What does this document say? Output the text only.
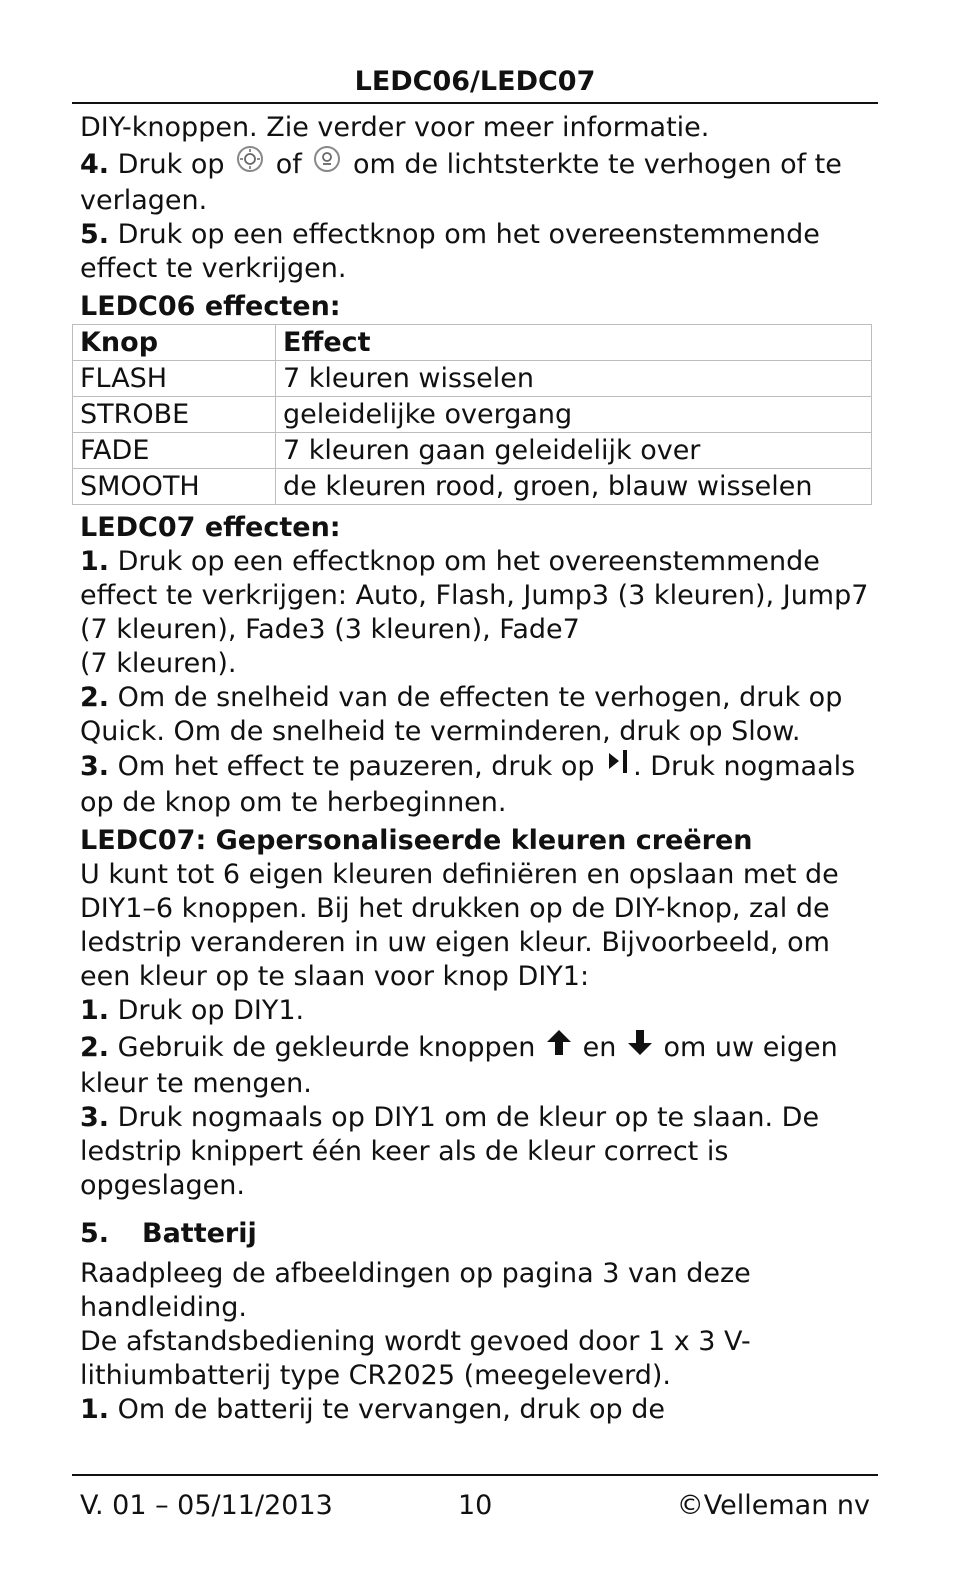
LEDC06/LEDC07

DIY-knoppen. Zie verder voor meer informatie.

4. Druk op of om de lichtsterkte te verhogen of te verlagen.

5. Druk op een effectknop om het overeenstemmende effect te verkrijgen.

LEDC06 effecten:

Knop	Effect
FLASH	7 kleuren wisselen
STROBE	geleidelijke overgang
FADE	7 kleuren gaan geleidelijk over
SMOOTH	de kleuren rood, groen, blauw wisselen

LEDC07 effecten:

1. Druk op een effectknop om het overeenstemmende effect te verkrijgen: Auto, Flash, Jump3 (3 kleuren), Jump7 (7 kleuren), Fade3 (3 kleuren), Fade7

(7 kleuren).

2. Om de snelheid van de effecten te verhogen, druk op Quick. Om de snelheid te verminderen, druk op Slow.

3. Om het effect te pauzeren, druk op . Druk nogmaals op de knop om te herbeginnen.

LEDC07: Gepersonaliseerde kleuren creëren

U kunt tot 6 eigen kleuren definiëren en opslaan met de DIY1–6 knoppen. Bij het drukken op de DIY-knop, zal de ledstrip veranderen in uw eigen kleur. Bijvoorbeeld, om een kleur op te slaan voor knop DIY1:

1. Druk op DIY1.

2. Gebruik de gekleurde knoppen en om uw eigen kleur te mengen.

3. Druk nogmaals op DIY1 om de kleur op te slaan. De ledstrip knippert één keer als de kleur correct is opgeslagen.

5.	Batterij

Raadpleeg de afbeeldingen op pagina 3 van deze handleiding.

De afstandsbediening wordt gevoed door 1 x 3 V-lithiumbatterij type CR2025 (meegeleverd).

1. Om de batterij te vervangen, druk op de

V. 01 – 05/11/2013	10	©Velleman nv
